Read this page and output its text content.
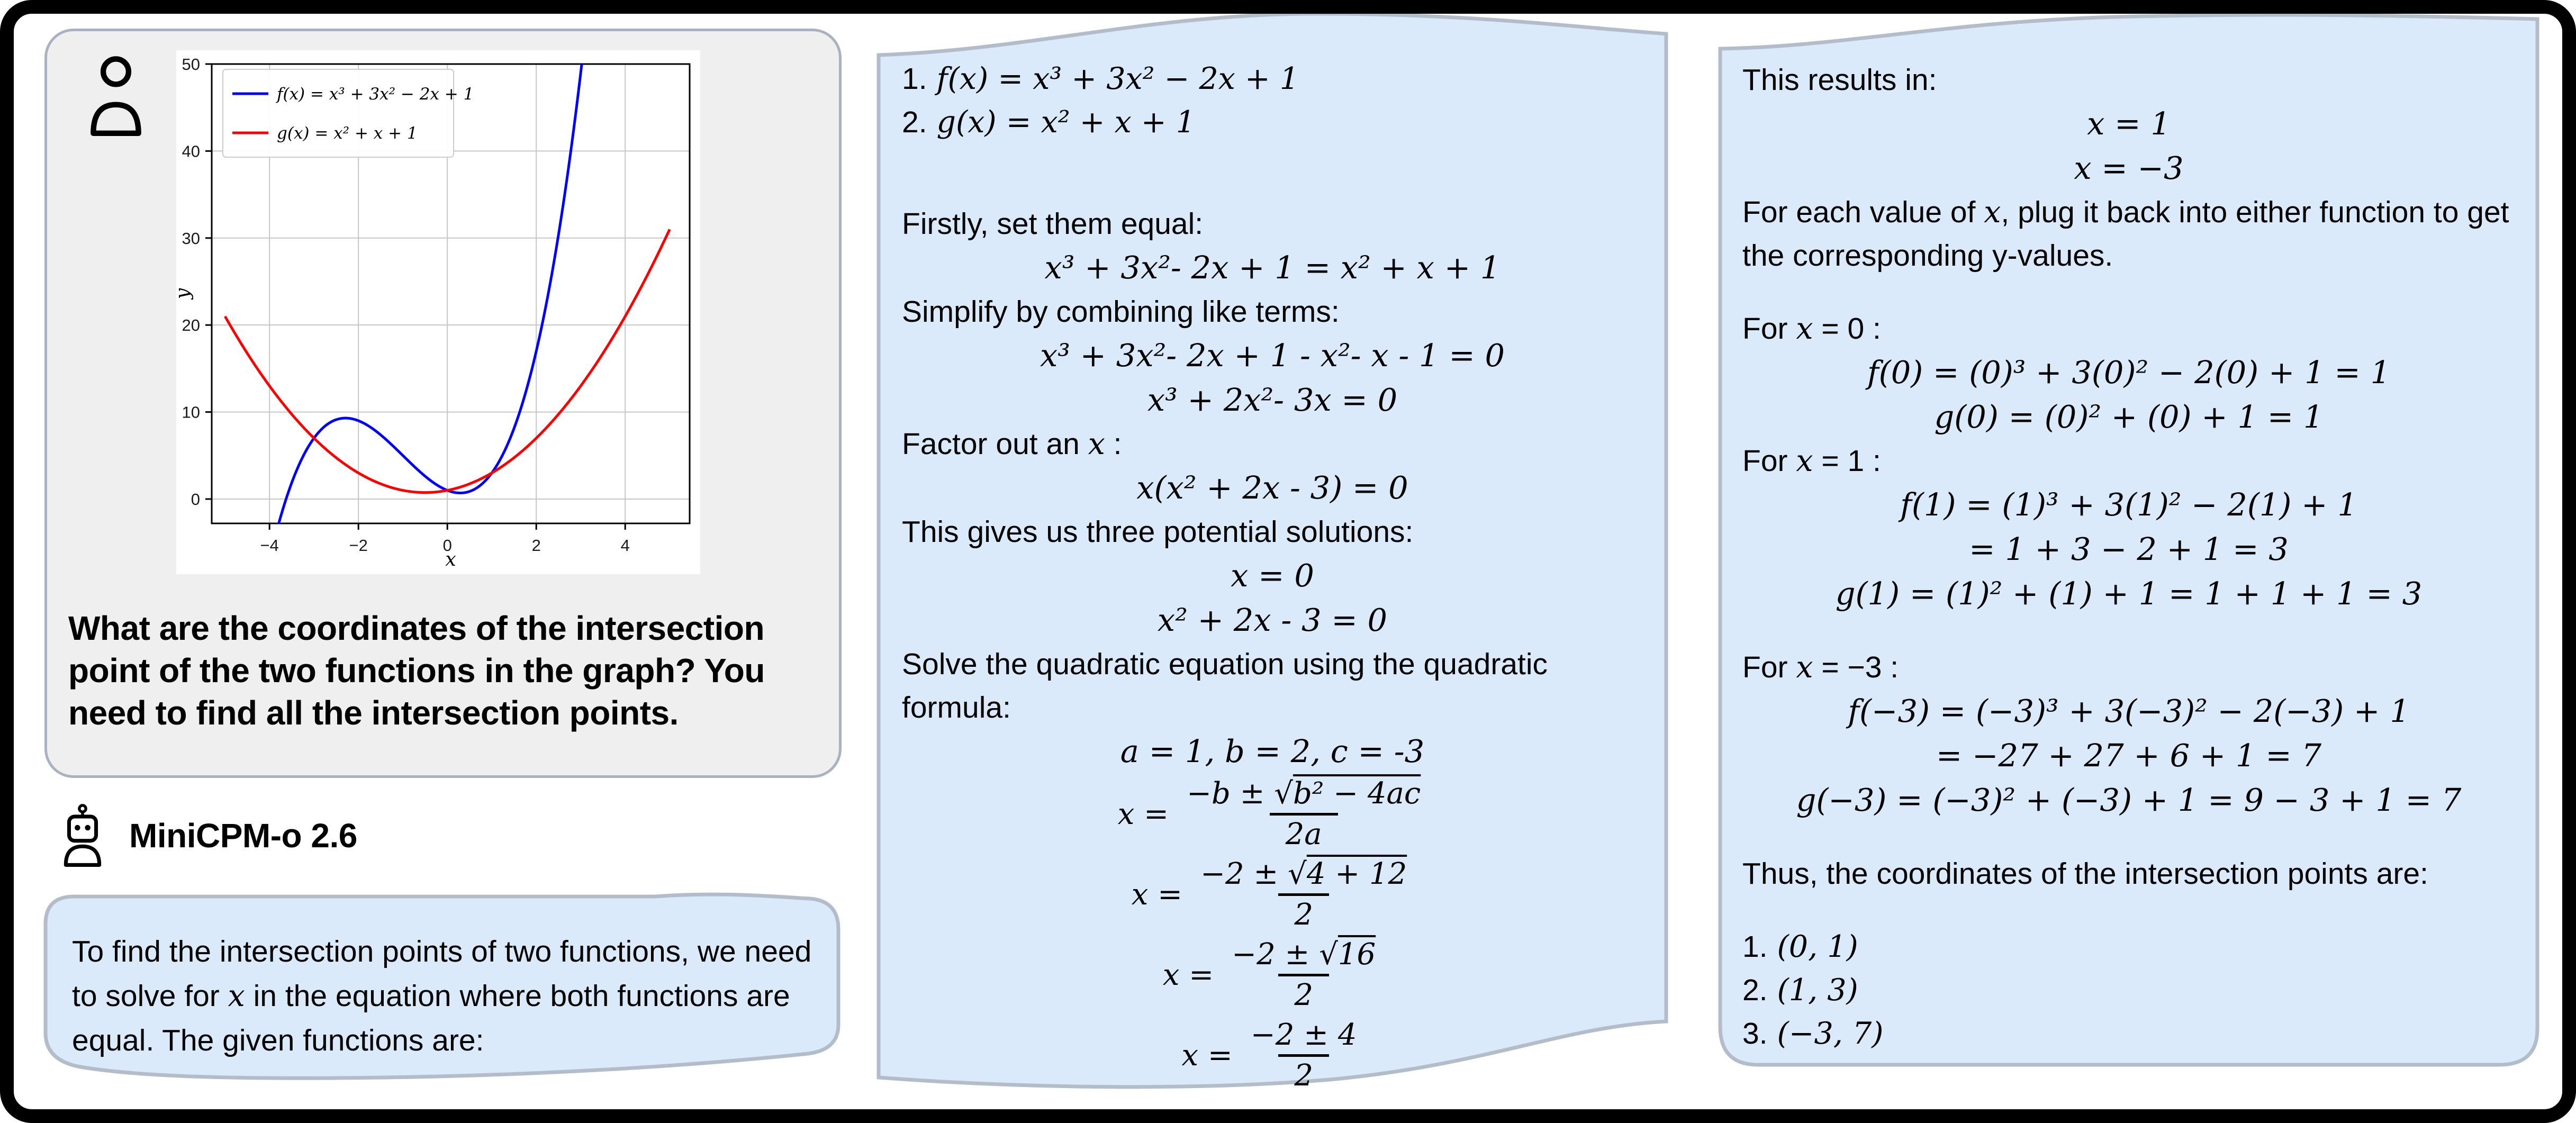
−4	−2	0	2	4
0
10
20
30
40
50
f(x) = x³ + 3x² − 2x + 1
g(x) = x² + x + 1
x
y
What are the coordinates of the intersection point of the two functions in the graph? You need to find all the intersection points.
MiniCPM-o 2.6
To find the intersection points of two functions, we need to solve for x in the equation where both functions are equal. The given functions are:
1. f(x) = x³ + 3x² − 2x + 1
2. g(x) = x² + x + 1
Firstly, set them equal:
x³ + 3x²- 2x + 1 = x² + x + 1
Simplify by combining like terms:
x³ + 3x²- 2x + 1 - x²- x - 1 = 0
x³ + 2x²- 3x = 0
Factor out an x :
x(x² + 2x - 3) = 0
This gives us three potential solutions:
x = 0
x² + 2x - 3 = 0
Solve the quadratic equation using the quadratic formula:
a = 1, b = 2, c = -3
$x = \frac{\text{−b ± √b² − 4ac}}{2a}$
$x = \frac{-2 \pm √4 + 12}{2}$
$x = \frac{-2 \pm √16}{2}$
$x = \frac{-2 \pm 4}{2}$
This results in:
x = 1
x = −3
For each value of x, plug it back into either function to get the corresponding y-values.
For x = 0 :
f(0) = (0)³ + 3(0)² − 2(0) + 1 = 1
g(0) = (0)² + (0) + 1 = 1
For x = 1 :
f(1) = (1)³ + 3(1)² − 2(1) + 1
= 1 + 3 − 2 + 1 = 3
g(1) = (1)² + (1) + 1 = 1 + 1 + 1 = 3
For x = −3 :
f(−3) = (−3)³ + 3(−3)² − 2(−3) + 1
= −27 + 27 + 6 + 1 = 7
g(−3) = (−3)² + (−3) + 1 = 9 − 3 + 1 = 7
Thus, the coordinates of the intersection points are:
1. (0, 1)
2. (1, 3)
3. (−3, 7)
